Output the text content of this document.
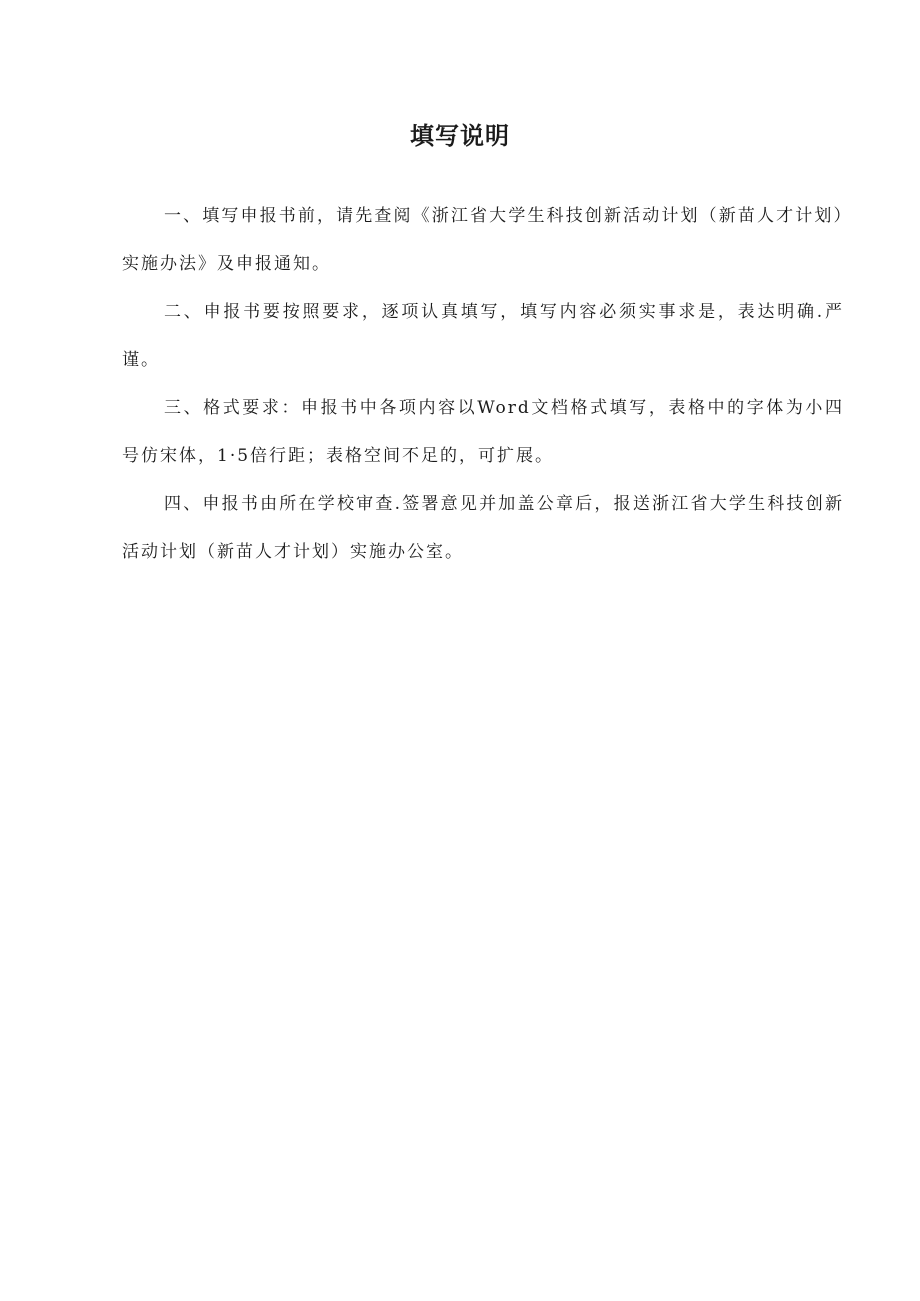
填写说明

一、填写申报书前，请先查阅《浙江省大学生科技创新活动计划（新苗人才计划）实施办法》及申报通知。

二、申报书要按照要求，逐项认真填写，填写内容必须实事求是，表达明确.严谨。

三、格式要求：申报书中各项内容以Word文档格式填写，表格中的字体为小四号仿宋体，1·5倍行距；表格空间不足的，可扩展。

四、申报书由所在学校审查.签署意见并加盖公章后，报送浙江省大学生科技创新活动计划（新苗人才计划）实施办公室。
